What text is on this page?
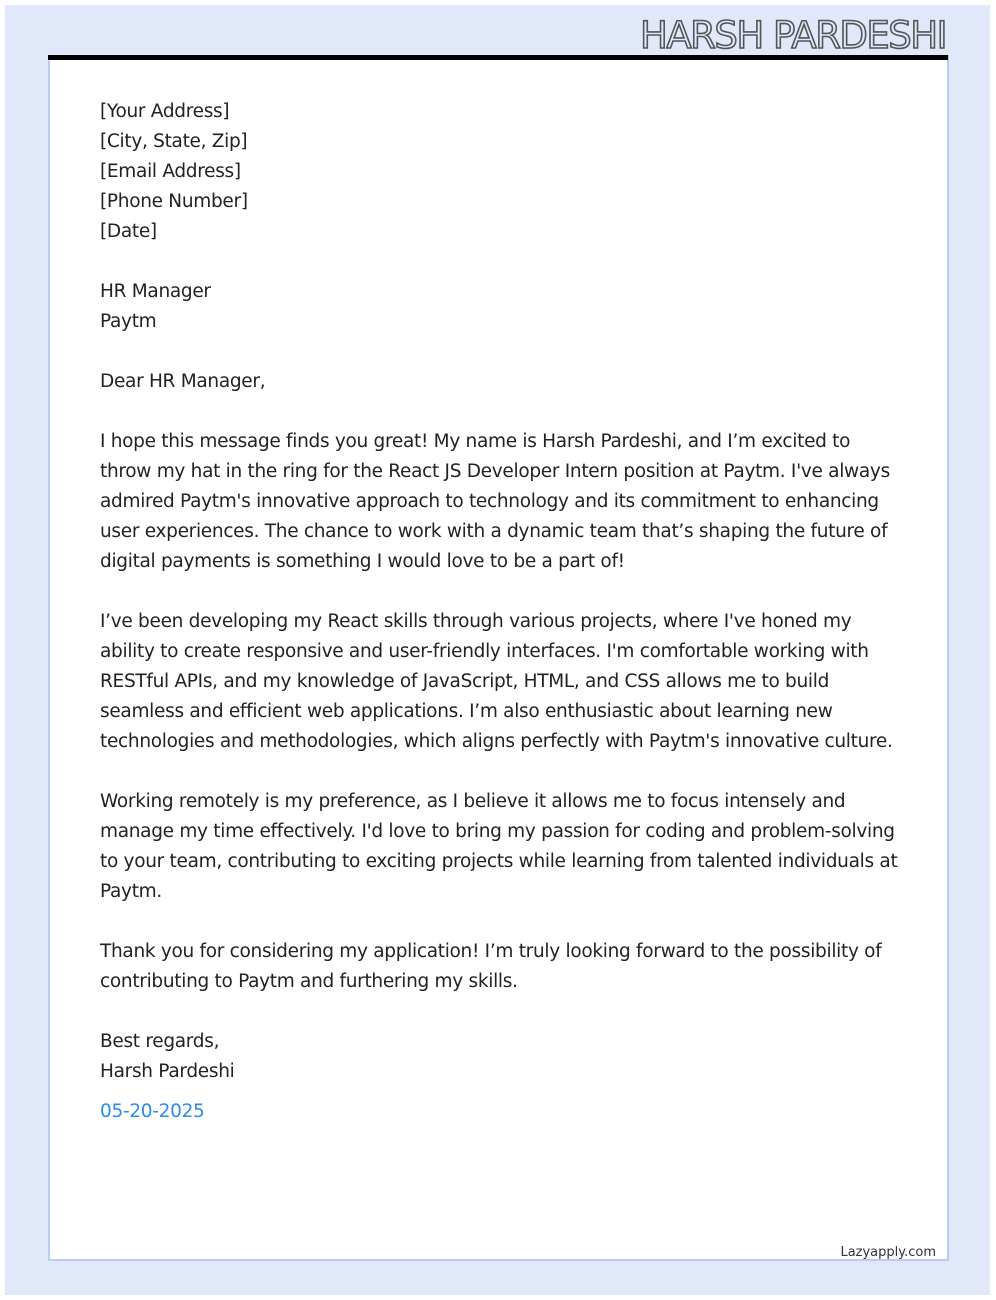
HARSH PARDESHI

[Your Address]
[City, State, Zip]
[Email Address]
[Phone Number]
[Date]

HR Manager
Paytm

Dear HR Manager,

I hope this message finds you great! My name is Harsh Pardeshi, and I’m excited to throw my hat in the ring for the React JS Developer Intern position at Paytm. I've always admired Paytm's innovative approach to technology and its commitment to enhancing user experiences. The chance to work with a dynamic team that’s shaping the future of digital payments is something I would love to be a part of!

I’ve been developing my React skills through various projects, where I've honed my ability to create responsive and user-friendly interfaces. I'm comfortable working with RESTful APIs, and my knowledge of JavaScript, HTML, and CSS allows me to build seamless and efficient web applications. I’m also enthusiastic about learning new technologies and methodologies, which aligns perfectly with Paytm's innovative culture.

Working remotely is my preference, as I believe it allows me to focus intensely and manage my time effectively. I'd love to bring my passion for coding and problem-solving to your team, contributing to exciting projects while learning from talented individuals at Paytm.

Thank you for considering my application! I’m truly looking forward to the possibility of contributing to Paytm and furthering my skills.

Best regards,
Harsh Pardeshi

05-20-2025

Lazyapply.com
